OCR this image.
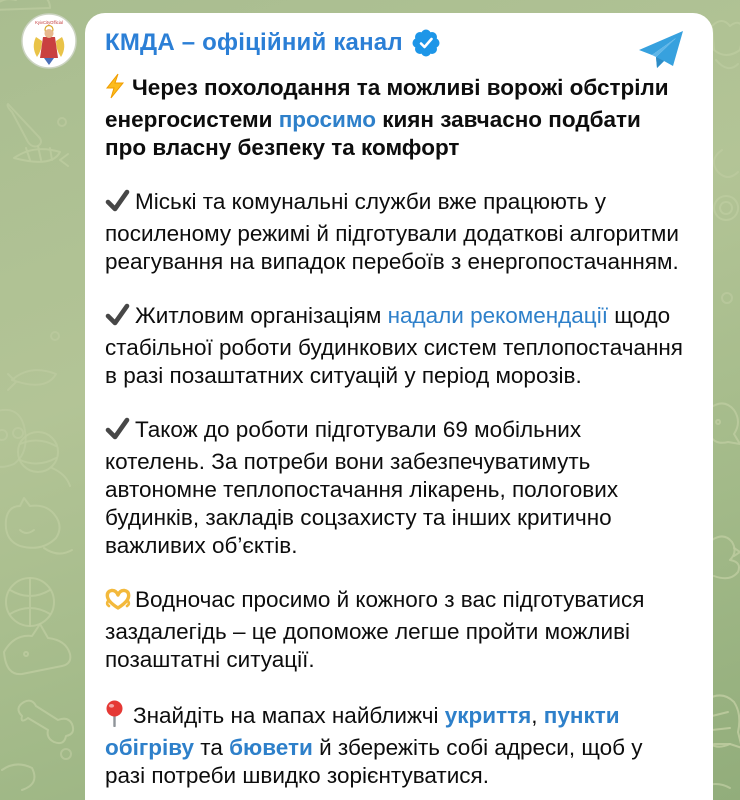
KyivCityOfficial
КМДА – офіційний канал

Через похолодання та можливі ворожі обстріли енергосистеми просимо киян завчасно подбати про власну безпеку та комфорт

Міські та комунальні служби вже працюють у посиленому режимі й підготували додаткові алгоритми реагування на випадок перебоїв з енергопостачанням.

Житловим організаціям надали рекомендації щодо стабільної роботи будинкових систем теплопостачання в разі позаштатних ситуацій у період морозів.

Також до роботи підготували 69 мобільних котелень. За потреби вони забезпечуватимуть автономне теплопостачання лікарень, пологових будинків, закладів соцзахисту та інших критично важливих об’єктів.

Водночас просимо й кожного з вас підготуватися заздалегідь – це допоможе легше пройти можливі позаштатні ситуації.

Знайдіть на мапах найближчі укриття, пункти обігріву та бювети й збережіть собі адреси, щоб у разі потреби швидко зорієнтуватися.
